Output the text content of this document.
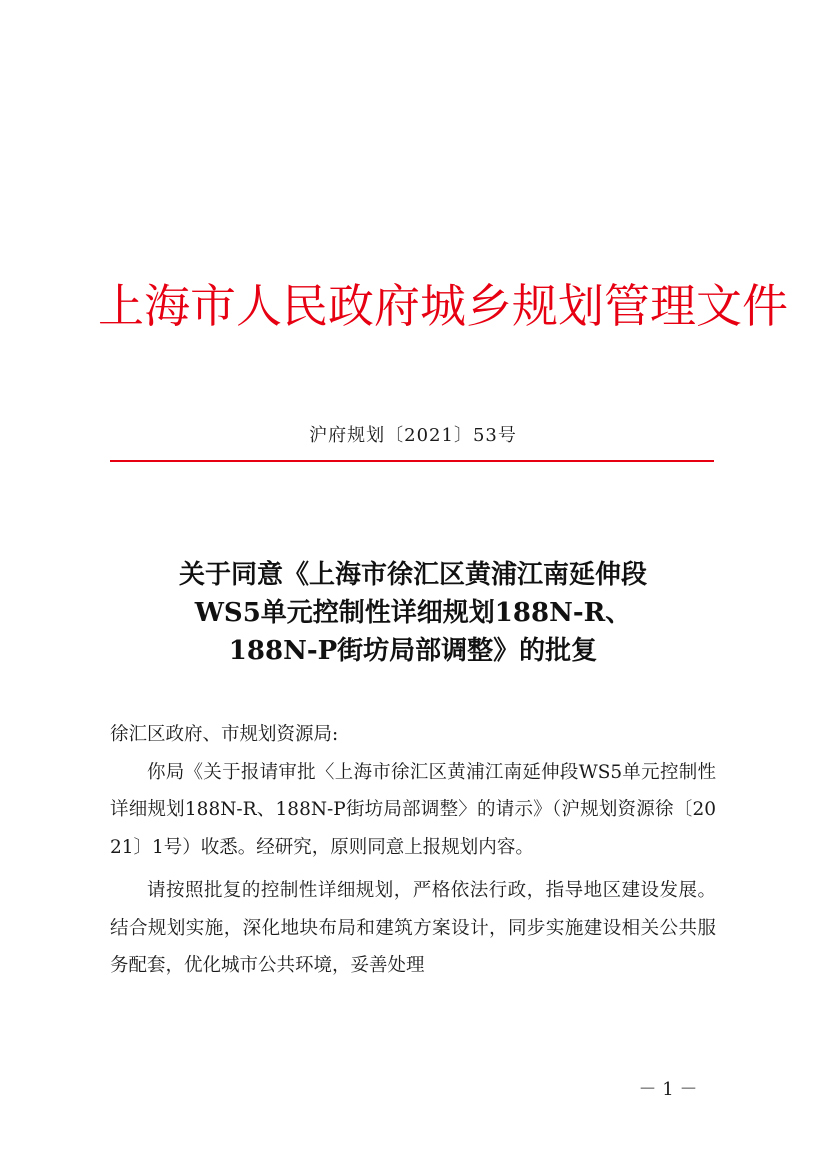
上海市人民政府城乡规划管理文件
沪府规划〔2021〕53号
关于同意《上海市徐汇区黄浦江南延伸段
WS5单元控制性详细规划188N-R、
188N-P街坊局部调整》的批复

徐汇区政府、市规划资源局:

你局《关于报请审批〈上海市徐汇区黄浦江南延伸段WS5单元控制性详细规划188N-R、188N-P街坊局部调整〉的请示》（沪规划资源徐〔2021〕1号）收悉。经研究，原则同意上报规划内容。

请按照批复的控制性详细规划，严格依法行政，指导地区建设发展。结合规划实施，深化地块布局和建筑方案设计，同步实施建设相关公共服务配套，优化城市公共环境，妥善处理

－ 1 －
